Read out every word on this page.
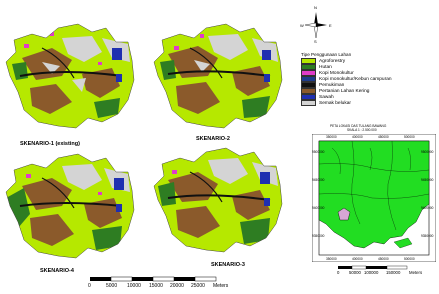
SKENARIO-1 (existing)
SKENARIO-2
SKENARIO-4
SKENARIO-3
N
W	E
S
Tipe Penggunaan Lahan
Agroforestry
Hutan
Kopi Monokultur
Kopi monokultur/Kebun campuran
Pemukiman
Pertanian Lahan Kering
Sawah
Semak belukar
PETA LOKASI DAS TULANG BAWANG
SKALA 1 : 2.500.000
350000	400000	450000	500000
350000	400000	450000	500000
9500000
9450000
9400000
9350000
9500000
9450000
9400000
9350000
0 50000 100000 150000 Meters
0	5000 10000 15000 20000 25000 Meters
